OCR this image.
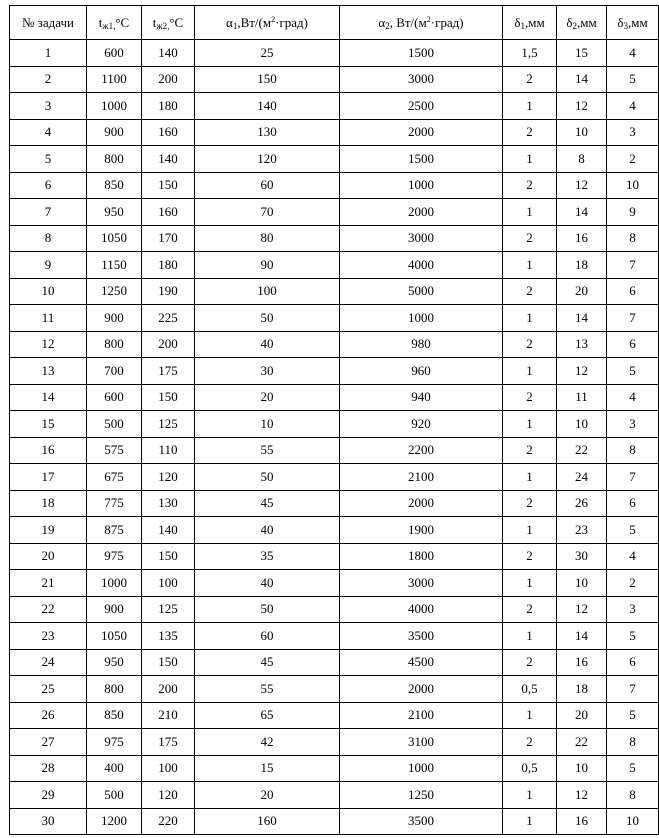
№ задачи	$t_{ж1,}^\circ C$	$t_{ж2,}^\circ C$	$\alpha_1,Вт/(м^2\cdot град)$	$\alpha_2$, $Вт/(м^2\cdot град)$	$\delta_1,мм$	$\delta_2,мм$	$\delta_3,мм$
1	600	140	25	1500	1,5	15	4
2	1100	200	150	3000	2	14	5
3	1000	180	140	2500	1	12	4
4	900	160	130	2000	2	10	3
5	800	140	120	1500	1	8	2
6	850	150	60	1000	2	12	10
7	950	160	70	2000	1	14	9
8	1050	170	80	3000	2	16	8
9	1150	180	90	4000	1	18	7
10	1250	190	100	5000	2	20	6
11	900	225	50	1000	1	14	7
12	800	200	40	980	2	13	6
13	700	175	30	960	1	12	5
14	600	150	20	940	2	11	4
15	500	125	10	920	1	10	3
16	575	110	55	2200	2	22	8
17	675	120	50	2100	1	24	7
18	775	130	45	2000	2	26	6
19	875	140	40	1900	1	23	5
20	975	150	35	1800	2	30	4
21	1000	100	40	3000	1	10	2
22	900	125	50	4000	2	12	3
23	1050	135	60	3500	1	14	5
24	950	150	45	4500	2	16	6
25	800	200	55	2000	0,5	18	7
26	850	210	65	2100	1	20	5
27	975	175	42	3100	2	22	8
28	400	100	15	1000	0,5	10	5
29	500	120	20	1250	1	12	8
30	1200	220	160	3500	1	16	10
